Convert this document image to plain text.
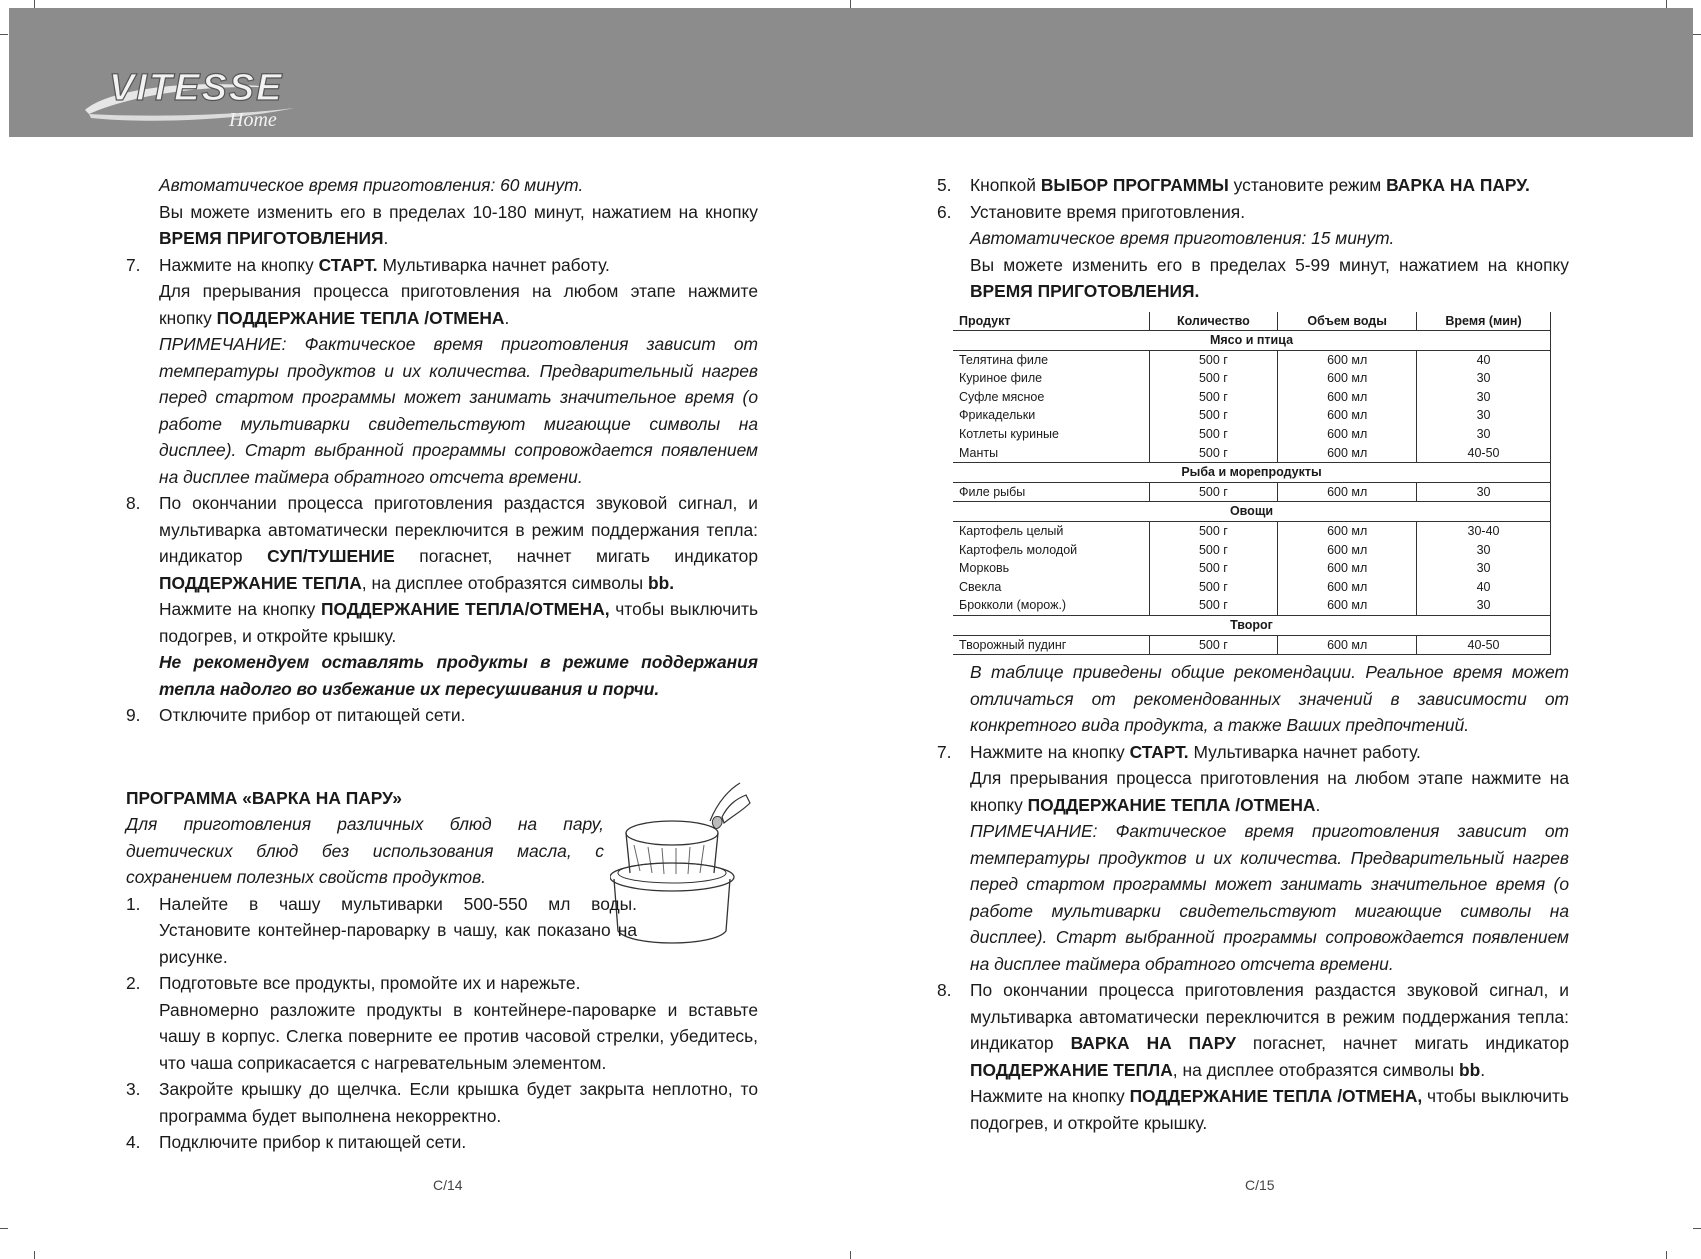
VITESSE
Home

Автоматическое время приготовления: 60 минут.

Вы можете изменить его в пределах 10-180 минут, нажатием на кнопку ВРЕМЯ ПРИГОТОВЛЕНИЯ.

7. Нажмите на кнопку СТАРТ. Мультиварка начнет работу.

Для прерывания процесса приготовления на любом этапе нажмите кнопку ПОДДЕРЖАНИЕ ТЕПЛА /ОТМЕНА.

ПРИМЕЧАНИЕ: Фактическое время приготовления зависит от температуры продуктов и их количества. Предварительный нагрев перед стартом программы может занимать значительное время (о работе мультиварки свидетельствуют мигающие символы на дисплее). Старт выбранной программы сопровождается появлением на дисплее таймера обратного отсчета времени.

8. По окончании процесса приготовления раздастся звуковой сигнал, и мультиварка автоматически переключится в режим поддержания тепла: индикатор СУП/ТУШЕНИЕ погаснет, начнет мигать индикатор ПОДДЕРЖАНИЕ ТЕПЛА, на дисплее отобразятся символы bb.

Нажмите на кнопку ПОДДЕРЖАНИЕ ТЕПЛА/ОТМЕНА, чтобы выключить подогрев, и откройте крышку.

Не рекомендуем оставлять продукты в режиме поддержания тепла надолго во избежание их пересушивания и порчи.

9. Отключите прибор от питающей сети.

ПРОГРАММА «ВАРКА НА ПАРУ»

Для приготовления различных блюд на пару, диетических блюд без использования масла, с сохранением полезных свойств продуктов.

1. Налейте в чашу мультиварки 500-550 мл воды. Установите контейнер-пароварку в чашу, как показано на рисунке.

2. Подготовьте все продукты, промойте их и нарежьте.

Равномерно разложите продукты в контейнере-пароварке и вставьте чашу в корпус. Слегка поверните ее против часовой стрелки, убедитесь, что чаша соприкасается с нагревательным элементом.

3. Закройте крышку до щелчка. Если крышка будет закрыта неплотно, то программа будет выполнена некорректно.

4. Подключите прибор к питающей сети.

5. Кнопкой ВЫБОР ПРОГРАММЫ установите режим ВАРКА НА ПАРУ.

6. Установите время приготовления.

Автоматическое время приготовления: 15 минут.

Вы можете изменить его в пределах 5-99 минут, нажатием на кнопку ВРЕМЯ ПРИГОТОВЛЕНИЯ.

Продукт	Количество	Объем воды	Время (мин)
Мясо и птица			
Телятина филе	500 г	600 мл	40
Куриное филе	500 г	600 мл	30
Суфле мясное	500 г	600 мл	30
Фрикадельки	500 г	600 мл	30
Котлеты куриные	500 г	600 мл	30
Манты	500 г	600 мл	40-50
Рыба и морепродукты			
Филе рыбы	500 г	600 мл	30
Овощи			
Картофель целый	500 г	600 мл	30-40
Картофель молодой	500 г	600 мл	30
Морковь	500 г	600 мл	30
Свекла	500 г	600 мл	40
Брокколи (морож.)	500 г	600 мл	30
Творог			
Творожный пудинг	500 г	600 мл	40-50

В таблице приведены общие рекомендации. Реальное время может отличаться от рекомендованных значений в зависимости от конкретного вида продукта, а также Ваших предпочтений.

7. Нажмите на кнопку СТАРТ. Мультиварка начнет работу.

Для прерывания процесса приготовления на любом этапе нажмите на кнопку ПОДДЕРЖАНИЕ ТЕПЛА /ОТМЕНА.

ПРИМЕЧАНИЕ: Фактическое время приготовления зависит от температуры продуктов и их количества. Предварительный нагрев перед стартом программы может занимать значительное время (о работе мультиварки свидетельствуют мигающие символы на дисплее). Старт выбранной программы сопровождается появлением на дисплее таймера обратного отсчета времени.

8. По окончании процесса приготовления раздастся звуковой сигнал, и мультиварка автоматически переключится в режим поддержания тепла: индикатор ВАРКА НА ПАРУ погаснет, начнет мигать индикатор ПОДДЕРЖАНИЕ ТЕПЛА, на дисплее отобразятся символы bb.

Нажмите на кнопку ПОДДЕРЖАНИЕ ТЕПЛА /ОТМЕНА, чтобы выключить подогрев, и откройте крышку.

С/14	С/15
